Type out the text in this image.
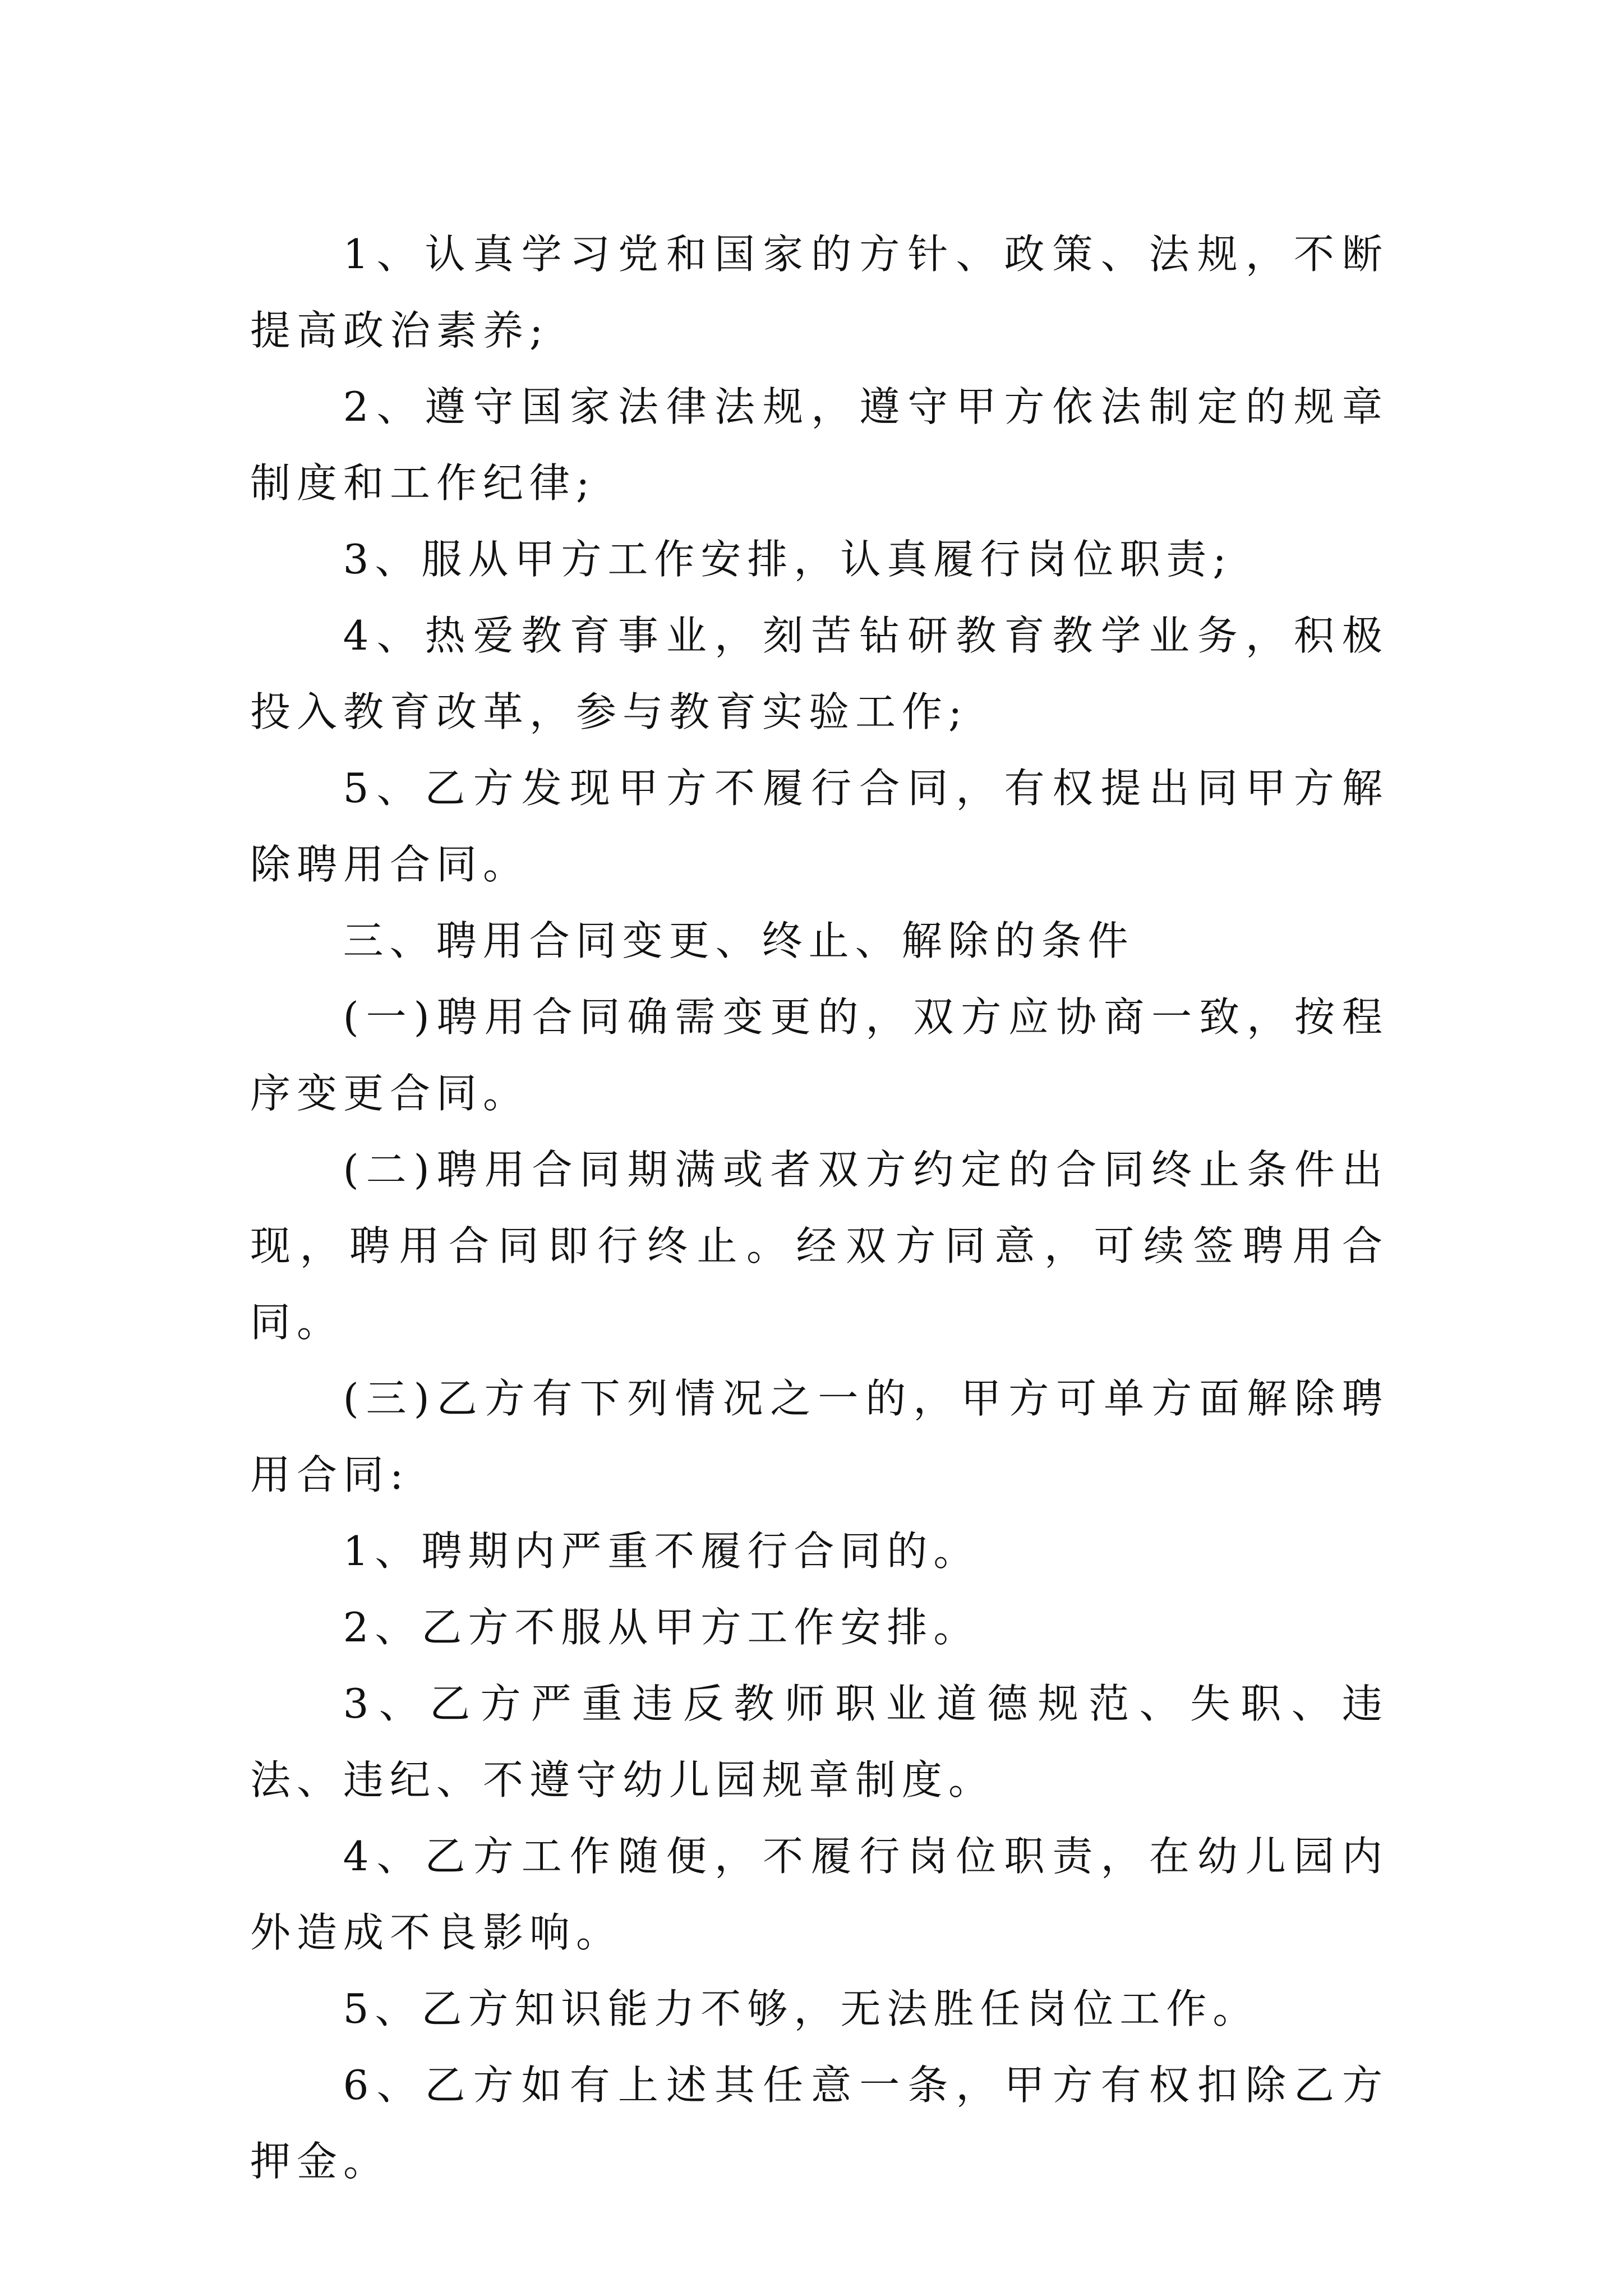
1、认真学习党和国家的方针、政策、法规，不断提高政治素养;

2、遵守国家法律法规，遵守甲方依法制定的规章制度和工作纪律;

3、服从甲方工作安排，认真履行岗位职责;

4、热爱教育事业，刻苦钻研教育教学业务，积极投入教育改革，参与教育实验工作;

5、乙方发现甲方不履行合同，有权提出同甲方解除聘用合同。

三、聘用合同变更、终止、解除的条件

(一)聘用合同确需变更的，双方应协商一致，按程序变更合同。

(二)聘用合同期满或者双方约定的合同终止条件出现，聘用合同即行终止。经双方同意，可续签聘用合同。

(三)乙方有下列情况之一的，甲方可单方面解除聘用合同:

1、聘期内严重不履行合同的。

2、乙方不服从甲方工作安排。

3、乙方严重违反教师职业道德规范、失职、违法、违纪、不遵守幼儿园规章制度。

4、乙方工作随便，不履行岗位职责，在幼儿园内外造成不良影响。

5、乙方知识能力不够，无法胜任岗位工作。

6、乙方如有上述其任意一条，甲方有权扣除乙方押金。
